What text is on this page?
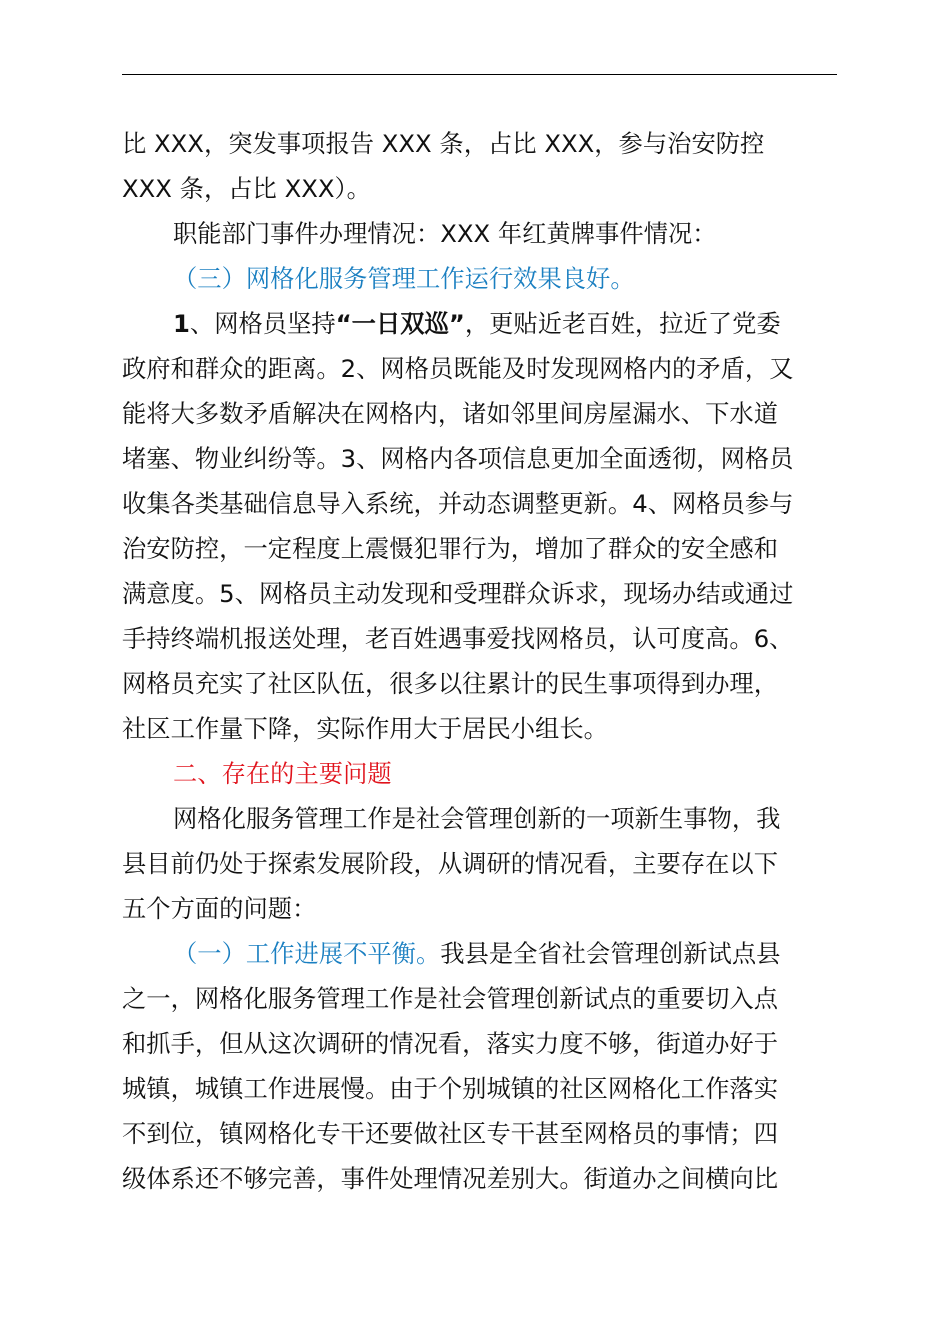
比 XXX，突发事项报告 XXX 条，占比 XXX，参与治安防控
XXX 条，占比 XXX）。
职能部门事件办理情况：XXX 年红黄牌事件情况：
（三）网格化服务管理工作运行效果良好。
1、网格员坚持“一日双巡”，更贴近老百姓，拉近了党委
政府和群众的距离。2、网格员既能及时发现网格内的矛盾，又
能将大多数矛盾解决在网格内，诸如邻里间房屋漏水、下水道
堵塞、物业纠纷等。3、网格内各项信息更加全面透彻，网格员
收集各类基础信息导入系统，并动态调整更新。4、网格员参与
治安防控，一定程度上震慑犯罪行为，增加了群众的安全感和
满意度。5、网格员主动发现和受理群众诉求，现场办结或通过
手持终端机报送处理，老百姓遇事爱找网格员，认可度高。6、
网格员充实了社区队伍，很多以往累计的民生事项得到办理，
社区工作量下降，实际作用大于居民小组长。
二、存在的主要问题
网格化服务管理工作是社会管理创新的一项新生事物，我
县目前仍处于探索发展阶段，从调研的情况看，主要存在以下
五个方面的问题：
（一）工作进展不平衡。我县是全省社会管理创新试点县
之一，网格化服务管理工作是社会管理创新试点的重要切入点
和抓手，但从这次调研的情况看，落实力度不够，街道办好于
城镇，城镇工作进展慢。由于个别城镇的社区网格化工作落实
不到位，镇网格化专干还要做社区专干甚至网格员的事情；四
级体系还不够完善，事件处理情况差别大。街道办之间横向比
